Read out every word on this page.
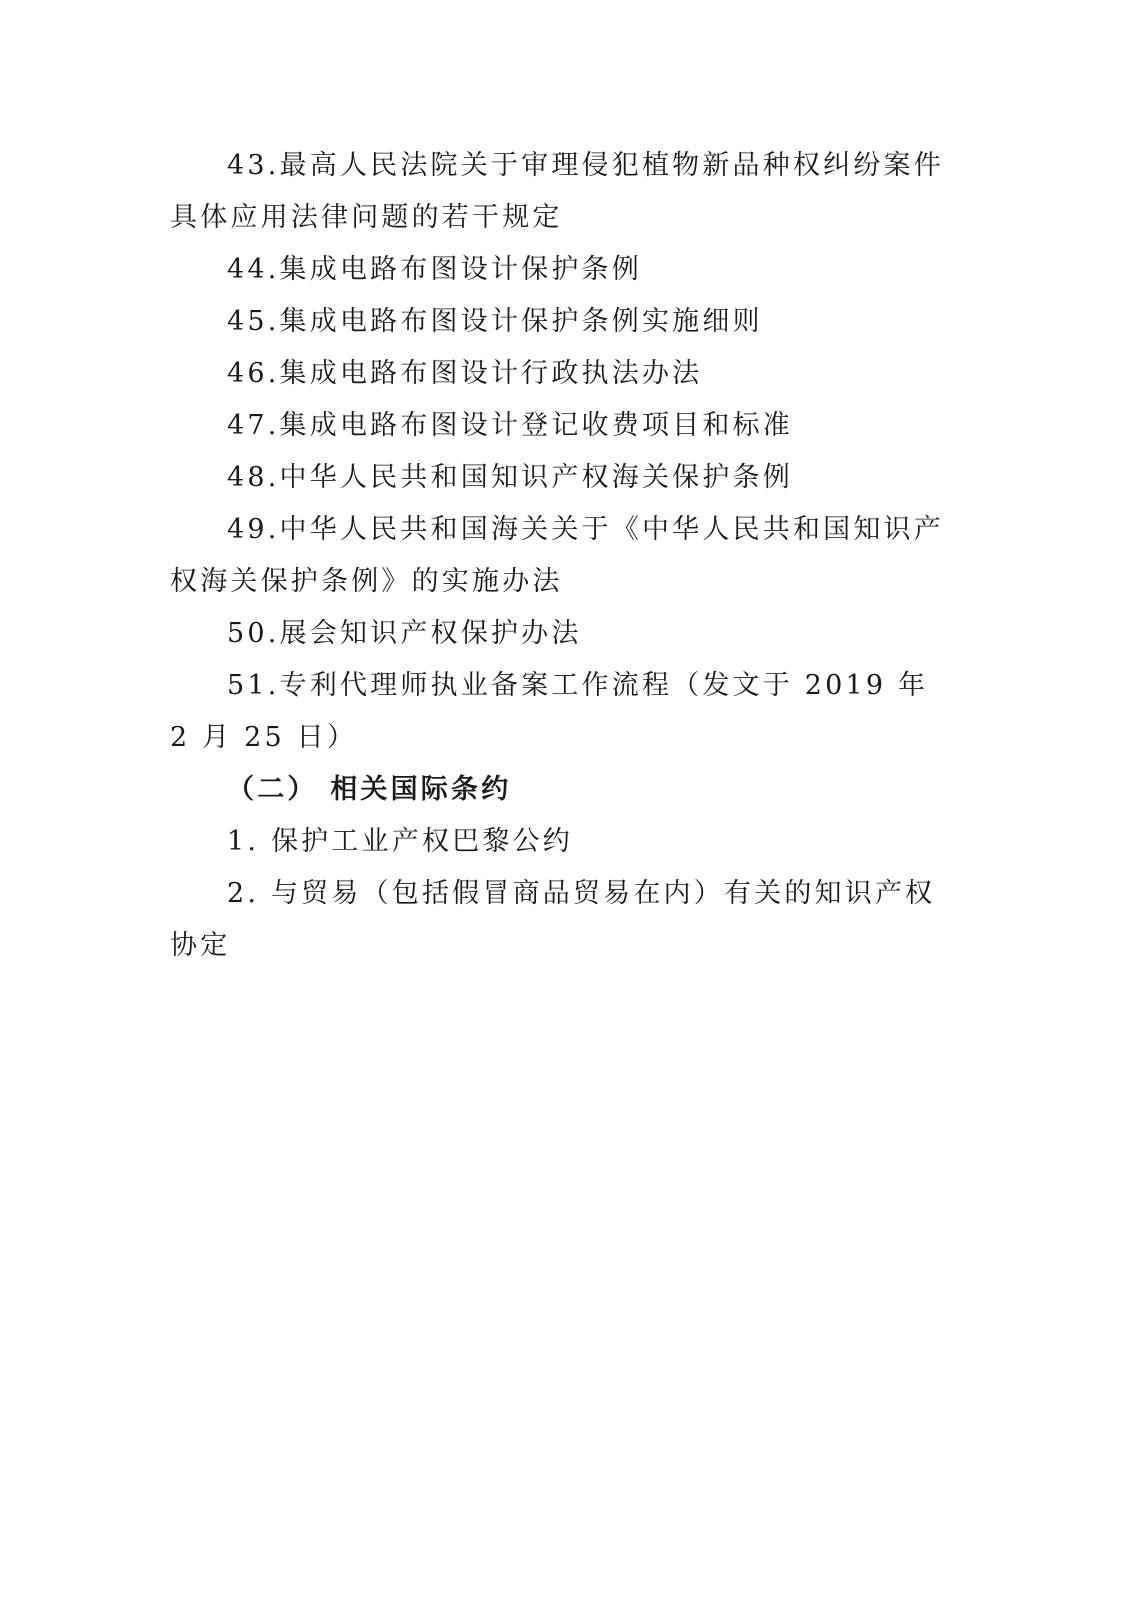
43.最高人民法院关于审理侵犯植物新品种权纠纷案件具体应用法律问题的若干规定

44.集成电路布图设计保护条例

45.集成电路布图设计保护条例实施细则

46.集成电路布图设计行政执法办法

47.集成电路布图设计登记收费项目和标准

48.中华人民共和国知识产权海关保护条例

49.中华人民共和国海关关于《中华人民共和国知识产权海关保护条例》的实施办法

50.展会知识产权保护办法

51.专利代理师执业备案工作流程（发文于 2019 年 2 月 25 日）

（二） 相关国际条约

1. 保护工业产权巴黎公约

2. 与贸易（包括假冒商品贸易在内）有关的知识产权协定
